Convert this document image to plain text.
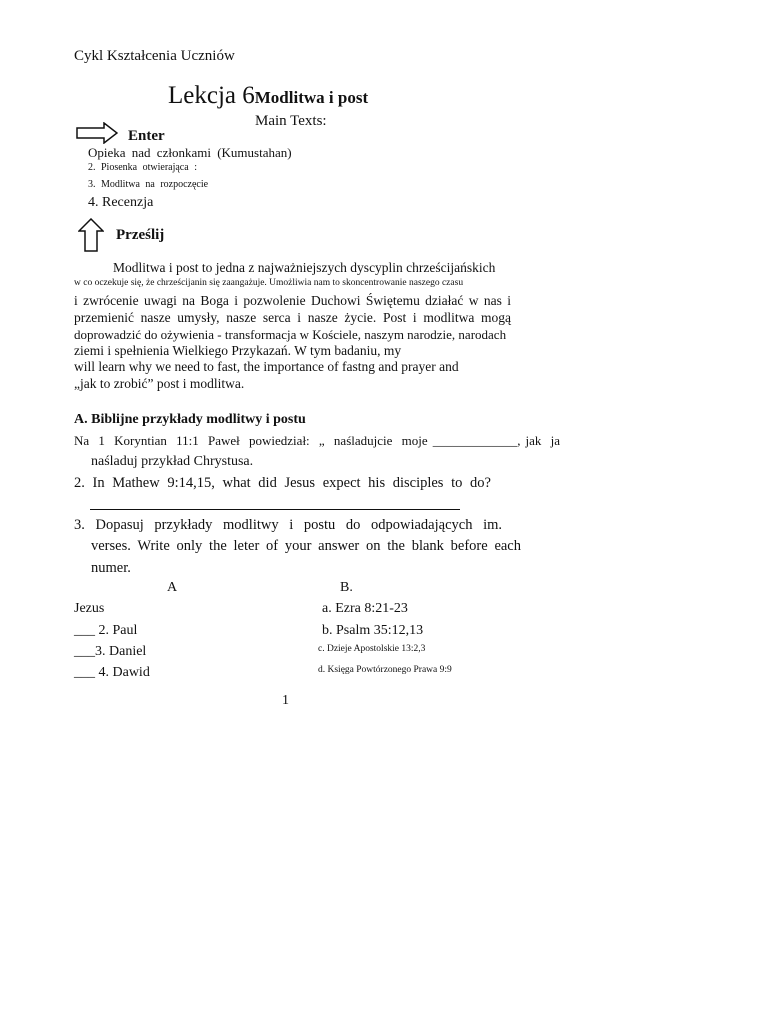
Cykl Kształcenia Uczniów
Lekcja 6Modlitwa i post
Main Texts:
Enter
Opieka nad członkami (Kumustahan)
2. Piosenka otwierająca :
3. Modlitwa na rozpoczęcie
4. Recenzja
Prześlij
Modlitwa i post to jedna z najważniejszych dyscyplin chrześcijańskich
w co oczekuje się, że chrześcijanin się zaangażuje. Umożliwia nam to skoncentrowanie naszego czasu
i zwrócenie uwagi na Boga i pozwolenie Duchowi Świętemu działać w nas i
przemienić nasze umysły, nasze serca i nasze życie. Post i modlitwa mogą
doprowadzić do ożywienia - transformacja w Kościele, naszym narodzie, narodach
ziemi i spełnienia Wielkiego Przykazań. W tym badaniu, my
will learn why we need to fast, the importance of fastng and prayer and
„jak to zrobić” post i modlitwa.
A. Biblijne przykłady modlitwy i postu
Na 1 Koryntian 11:1 Paweł powiedział: „ naśladujcie moje _____________, jak ja
naśladuj przykład Chrystusa.
2. In Mathew 9:14,15, what did Jesus expect his disciples to do?
3. Dopasuj przykłady modlitwy i postu do odpowiadających im.
verses. Write only the leter of your answer on the blank before each
numer.
A	B.
Jezus
___ 2. Paul
___3. Daniel
___ 4. Dawid
a. Ezra 8:21-23
b. Psalm 35:12,13
c. Dzieje Apostolskie 13:2,3
d. Księga Powtórzonego Prawa 9:9
1
